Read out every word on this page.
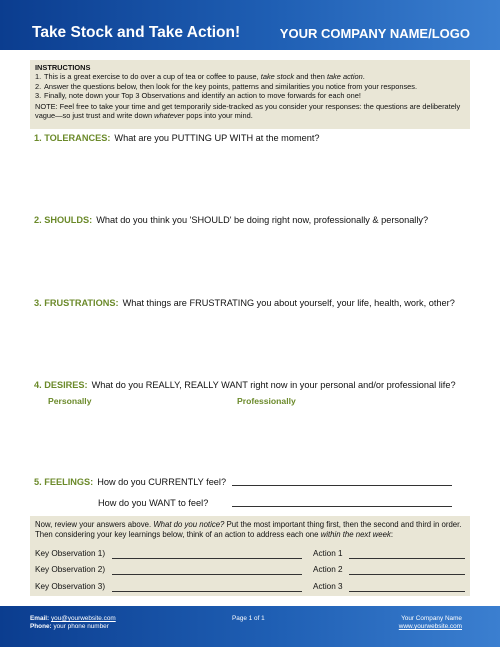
Take Stock and Take Action!	YOUR COMPANY NAME/LOGO
INSTRUCTIONS
1. This is a great exercise to do over a cup of tea or coffee to pause, take stock and then take action.
2. Answer the questions below, then look for the key points, patterns and similarities you notice from your responses.
3. Finally, note down your Top 3 Observations and identify an action to move forwards for each one!
NOTE: Feel free to take your time and get temporarily side-tracked as you consider your responses: the questions are deliberately vague—so just trust and write down whatever pops into your mind.
1. TOLERANCES: What are you PUTTING UP WITH at the moment?
2. SHOULDS: What do you think you 'SHOULD' be doing right now, professionally & personally?
3. FRUSTRATIONS: What things are FRUSTRATING you about yourself, your life, health, work, other?
4. DESIRES: What do you REALLY, REALLY WANT right now in your personal and/or professional life?
Personally	Professionally
5. FEELINGS: How do you CURRENTLY feel?
How do you WANT to feel?
Now, review your answers above. What do you notice? Put the most important thing first, then the second and third in order. Then considering your key learnings below, think of an action to address each one within the next week:
Key Observation 1)	Action 1
Key Observation 2)	Action 2
Key Observation 3)	Action 3
Email: you@yourwebsite.com
Phone: your phone number
Page 1 of 1	Your Company Name
www.yourwebsite.com
